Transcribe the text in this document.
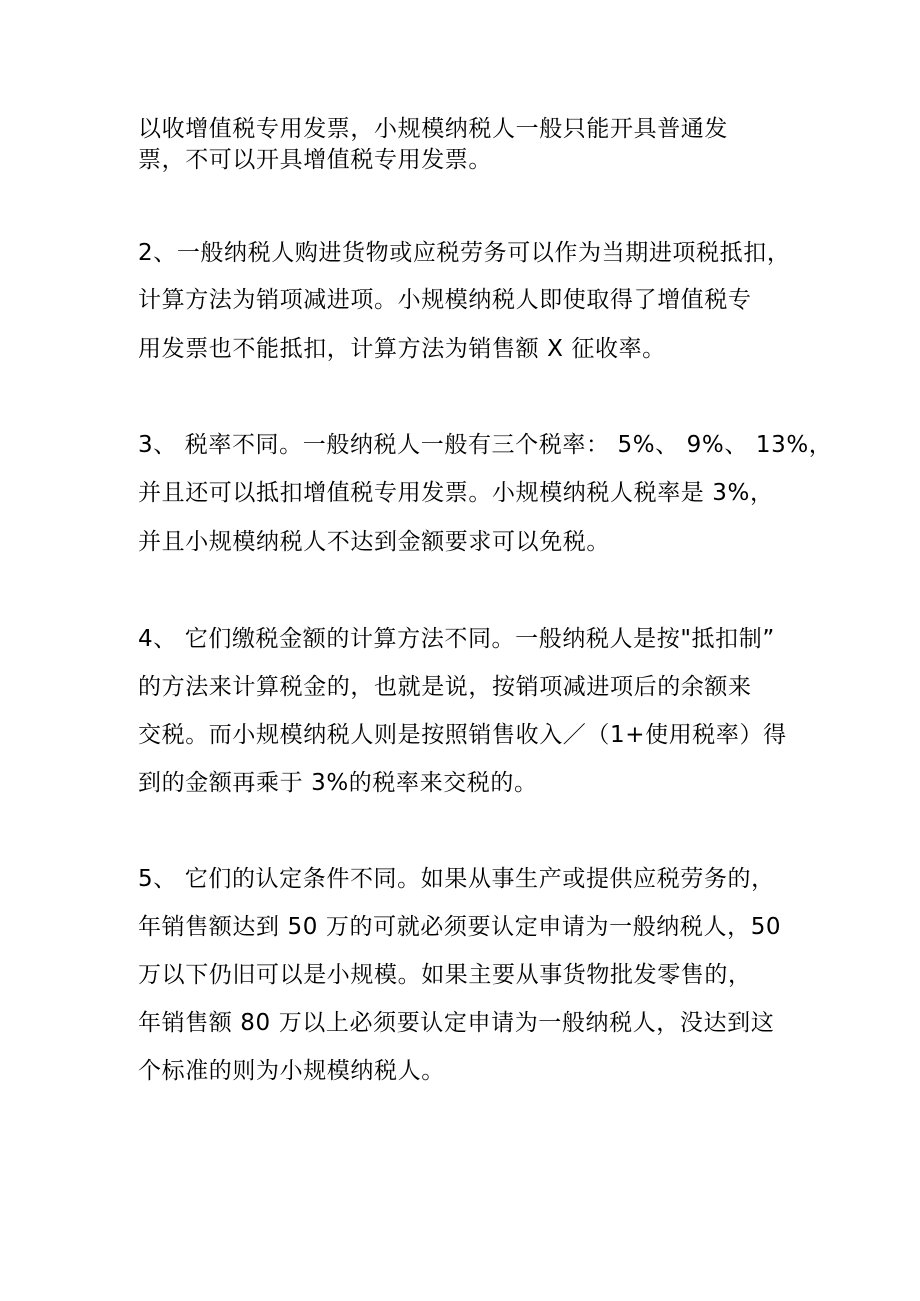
以收增值税专用发票，小规模纳税人一般只能开具普通发

票，不可以开具增值税专用发票。

2、一般纳税人购进货物或应税劳务可以作为当期进项税抵扣，

计算方法为销项减进项。小规模纳税人即使取得了增值税专

用发票也不能抵扣，计算方法为销售额 X 征收率。

3、 税率不同。一般纳税人一般有三个税率： 5%、 9%、 13%，

并且还可以抵扣增值税专用发票。小规模纳税人税率是 3%，

并且小规模纳税人不达到金额要求可以免税。

4、 它们缴税金额的计算方法不同。一般纳税人是按"抵扣制”

的方法来计算税金的，也就是说，按销项减进项后的余额来

交税。而小规模纳税人则是按照销售收入／（1+使用税率）得

到的金额再乘于 3%的税率来交税的。

5、 它们的认定条件不同。如果从事生产或提供应税劳务的，

年销售额达到 50 万的可就必须要认定申请为一般纳税人，50

万以下仍旧可以是小规模。如果主要从事货物批发零售的，

年销售额 80 万以上必须要认定申请为一般纳税人，没达到这

个标准的则为小规模纳税人。
